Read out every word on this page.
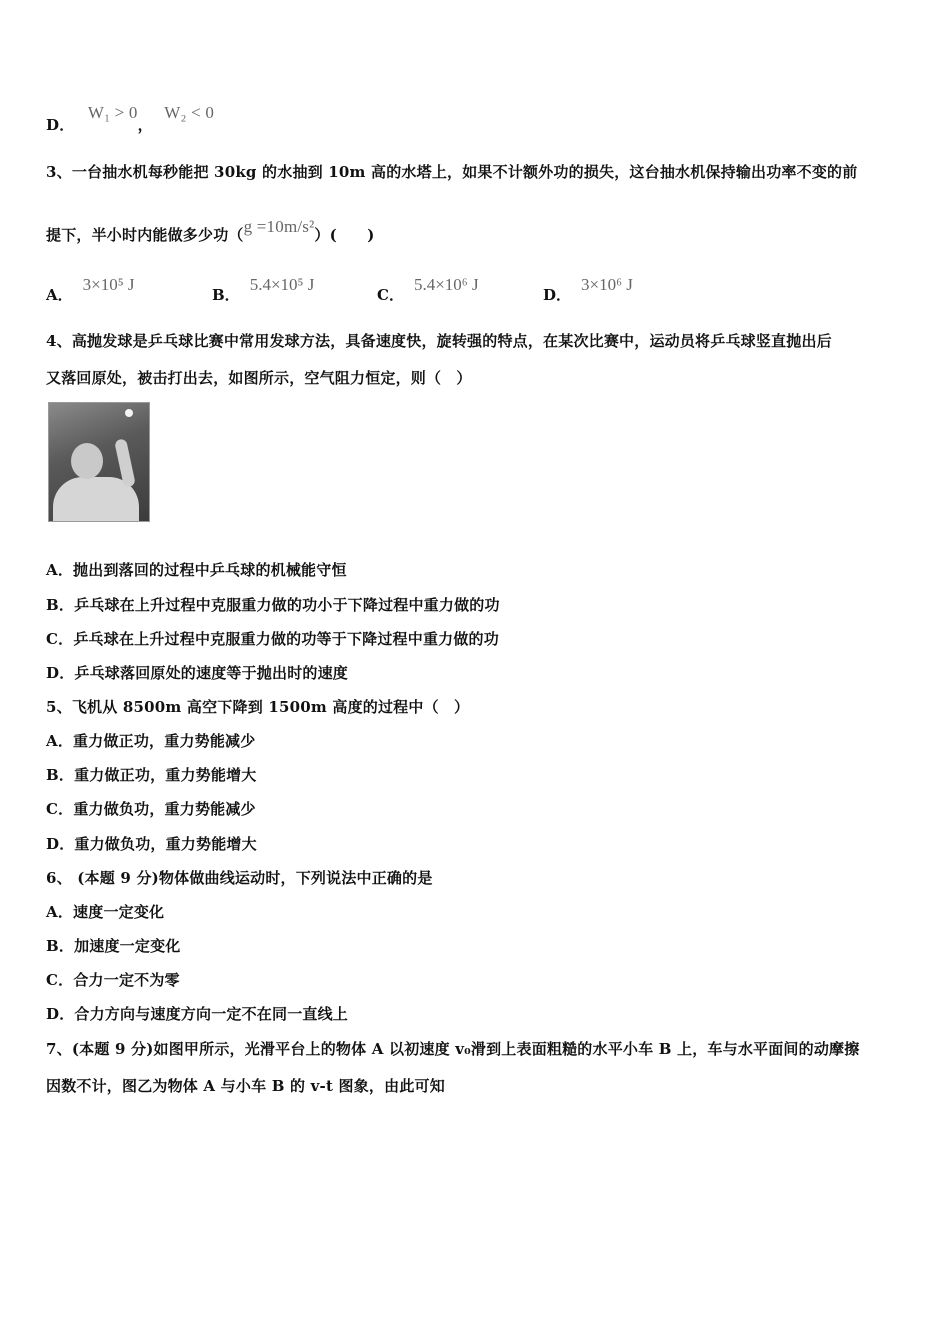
D． W₁ > 0， W₂ < 0
3、一台抽水机每秒能把 30kg 的水抽到 10m 高的水塔上，如果不计额外功的损失，这台抽水机保持输出功率不变的前
提下，半小时内能做多少功（g =10m/s²）(　　)
A．3×10⁵ J
B．5.4×10⁵ J
C．5.4×10⁶ J
D．3×10⁶ J
4、高抛发球是乒乓球比赛中常用发球方法，具备速度快，旋转强的特点，在某次比赛中，运动员将乒乓球竖直抛出后
又落回原处，被击打出去，如图所示，空气阻力恒定，则（　）
A．抛出到落回的过程中乒乓球的机械能守恒
B．乒乓球在上升过程中克服重力做的功小于下降过程中重力做的功
C．乒乓球在上升过程中克服重力做的功等于下降过程中重力做的功
D．乒乓球落回原处的速度等于抛出时的速度
5、飞机从 8500m 高空下降到 1500m 高度的过程中（　）
A．重力做正功，重力势能减少
B．重力做正功，重力势能增大
C．重力做负功，重力势能减少
D．重力做负功，重力势能增大
6、 (本题 9 分)物体做曲线运动时，下列说法中正确的是
A．速度一定变化
B．加速度一定变化
C．合力一定不为零
D．合力方向与速度方向一定不在同一直线上
7、(本题 9 分)如图甲所示，光滑平台上的物体 A 以初速度 v₀滑到上表面粗糙的水平小车 B 上，车与水平面间的动摩擦
因数不计，图乙为物体 A 与小车 B 的 v-t 图象，由此可知
